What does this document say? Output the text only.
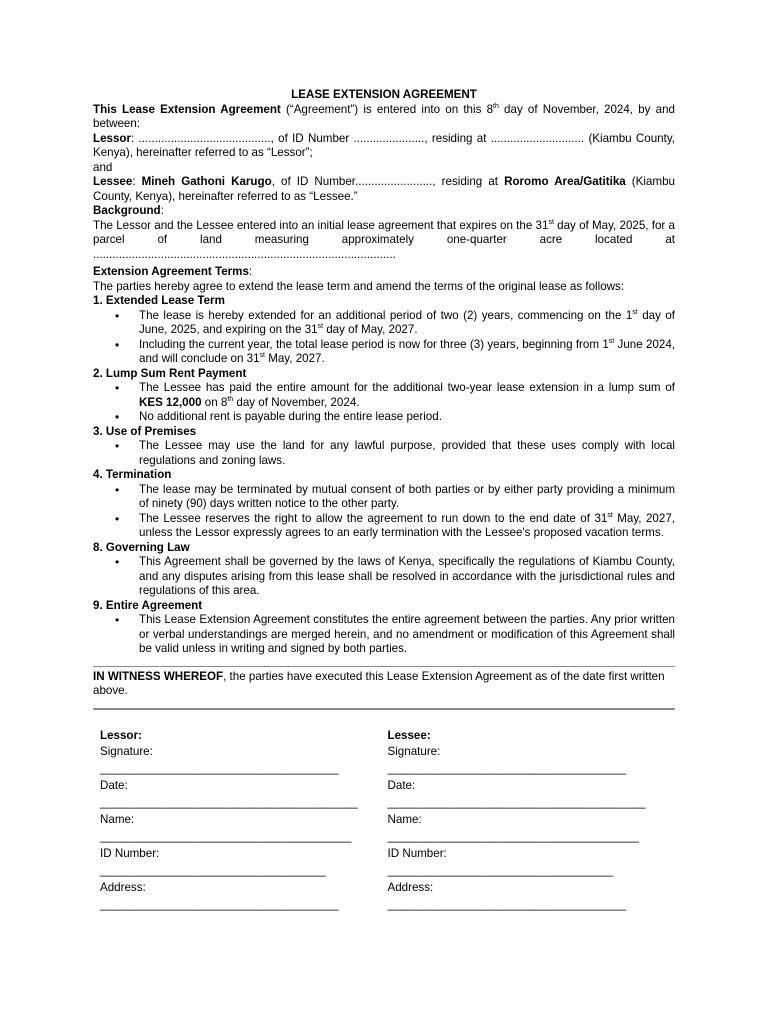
LEASE EXTENSION AGREEMENT

This Lease Extension Agreement (“Agreement”) is entered into on this 8th day of November, 2024, by and between:

Lessor: ........................................., of ID Number ......................, residing at ............................. (Kiambu County, Kenya), hereinafter referred to as “Lessor”;

and

Lessee: Mineh Gathoni Karugo, of ID Number........................, residing at Roromo Area/Gatitika (Kiambu County, Kenya), hereinafter referred to as “Lessee.”

Background:

The Lessor and the Lessee entered into an initial lease agreement that expires on the 31st day of May, 2025, for a parcel of land measuring approximately one-quarter acre located at ..............................................................................................

Extension Agreement Terms:

The parties hereby agree to extend the lease term and amend the terms of the original lease as follows:

1. Extended Lease Term

• The lease is hereby extended for an additional period of two (2) years, commencing on the 1st day of June, 2025, and expiring on the 31st day of May, 2027.
• Including the current year, the total lease period is now for three (3) years, beginning from 1st June 2024, and will conclude on 31st May, 2027.

2. Lump Sum Rent Payment

• The Lessee has paid the entire amount for the additional two-year lease extension in a lump sum of KES 12,000 on 8th day of November, 2024.
• No additional rent is payable during the entire lease period.

3. Use of Premises

• The Lessee may use the land for any lawful purpose, provided that these uses comply with local regulations and zoning laws.

4. Termination

• The lease may be terminated by mutual consent of both parties or by either party providing a minimum of ninety (90) days written notice to the other party.
• The Lessee reserves the right to allow the agreement to run down to the end date of 31st May, 2027, unless the Lessor expressly agrees to an early termination with the Lessee's proposed vacation terms.

8. Governing Law

• This Agreement shall be governed by the laws of Kenya, specifically the regulations of Kiambu County, and any disputes arising from this lease shall be resolved in accordance with the jurisdictional rules and regulations of this area.

9. Entire Agreement

• This Lease Extension Agreement constitutes the entire agreement between the parties. Any prior written or verbal understandings are merged herein, and no amendment or modification of this Agreement shall be valid unless in writing and signed by both parties.

IN WITNESS WHEREOF, the parties have executed this Lease Extension Agreement as of the date first written above.

Lessor:
Signature: _____________________________________
Date: ________________________________________
Name: _______________________________________
ID Number: ___________________________________
Address: _____________________________________
Lessee:
Signature: _____________________________________
Date: ________________________________________
Name: _______________________________________
ID Number: ___________________________________
Address: _____________________________________
